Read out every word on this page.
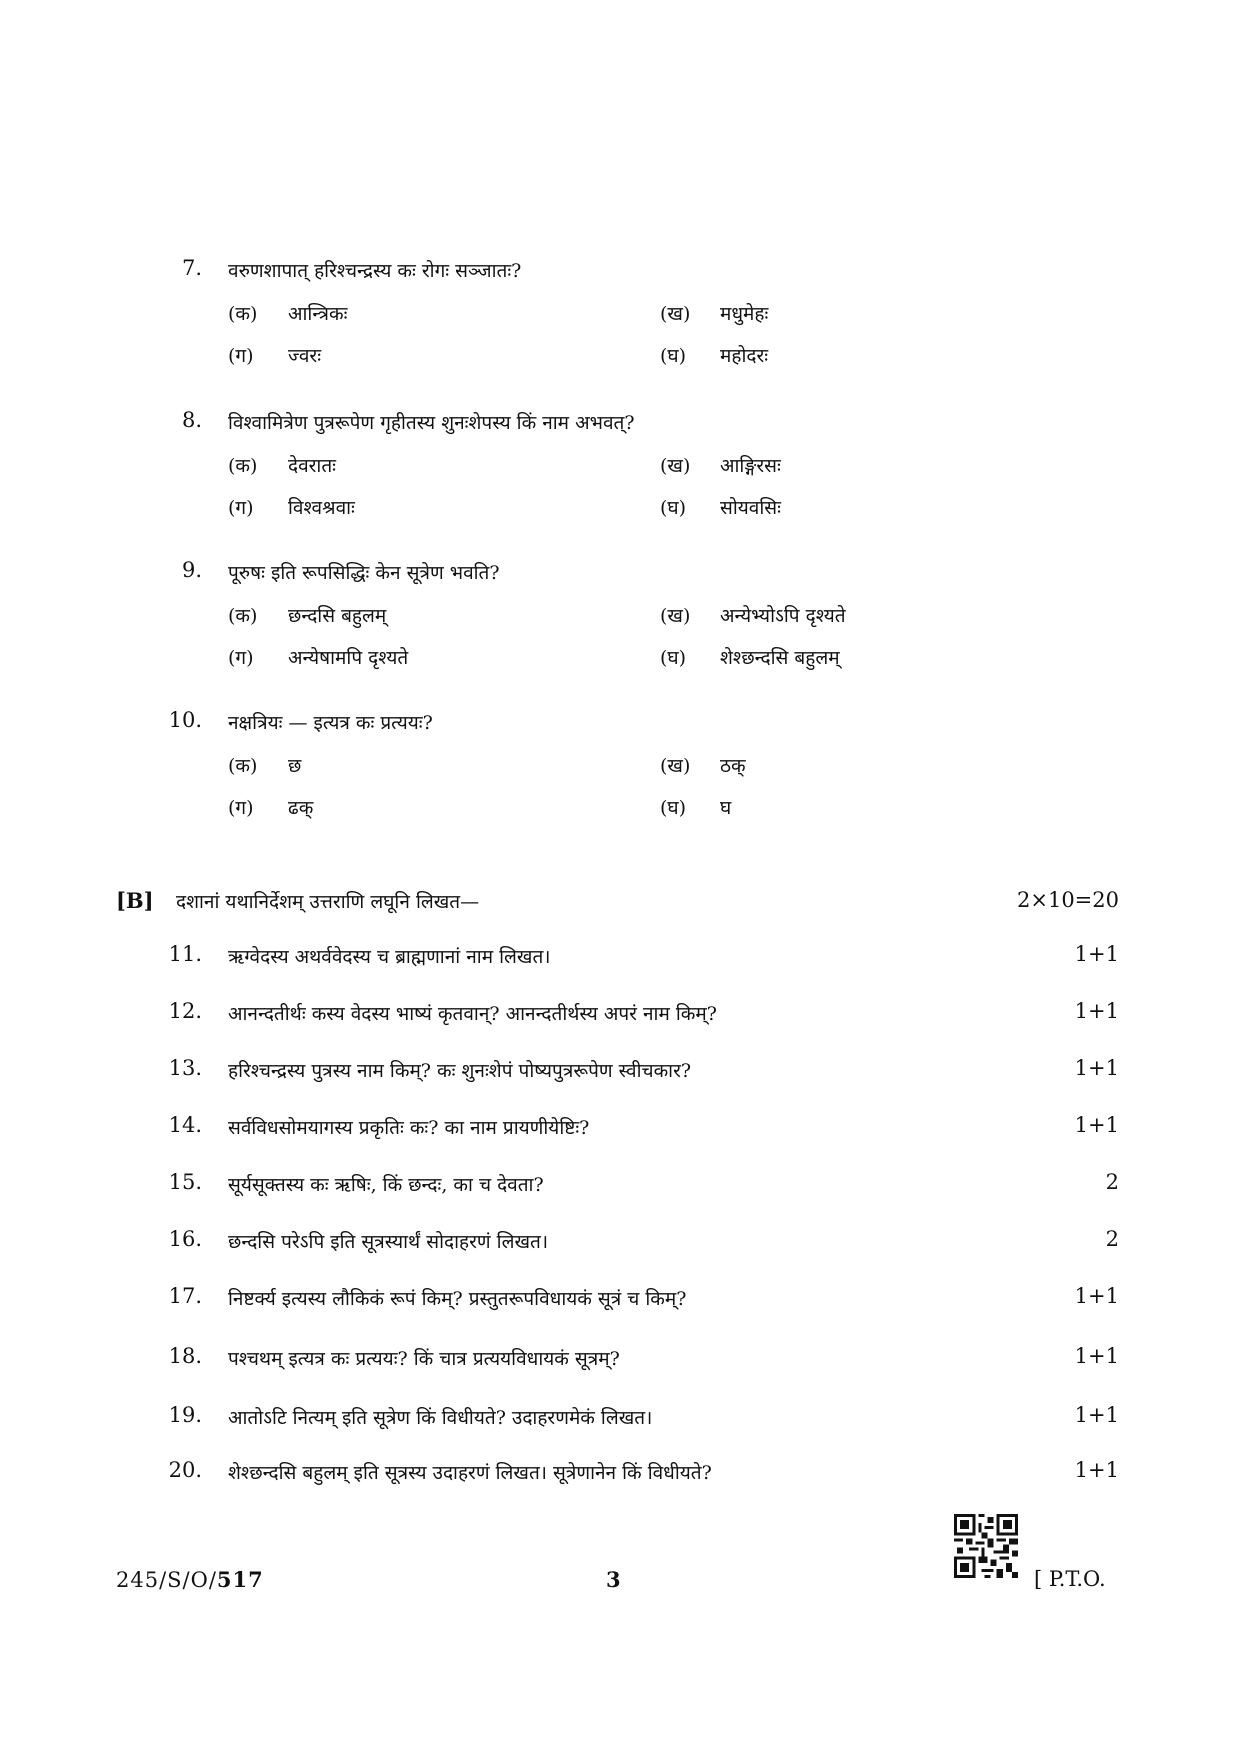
7. वरुणशापात् हरिश्चन्द्रस्य कः रोगः सञ्जातः?
(क) आन्त्रिकः	(ख) मधुमेहः
(ग) ज्वरः	(घ) महोदरः
8. विश्वामित्रेण पुत्ररूपेण गृहीतस्य शुनःशेपस्य किं नाम अभवत्?
(क) देवरातः	(ख) आङ्गिरसः
(ग) विश्वश्रवाः	(घ) सोयवसिः
9. पूरुषः इति रूपसिद्धिः केन सूत्रेण भवति?
(क) छन्दसि बहुलम्	(ख) अन्येभ्योऽपि दृश्यते
(ग) अन्येषामपि दृश्यते	(घ) शेश्छन्दसि बहुलम्
10. नक्षत्रियः — इत्यत्र कः प्रत्ययः?
(क) छ	(ख) ठक्
(ग) ढक्	(घ) घ
[B] दशानां यथानिर्देशम् उत्तराणि लघूनि लिखत—	2×10=20
11. ऋग्वेदस्य अथर्ववेदस्य च ब्राह्मणानां नाम लिखत।	1+1
12. आनन्दतीर्थः कस्य वेदस्य भाष्यं कृतवान्? आनन्दतीर्थस्य अपरं नाम किम्?	1+1
13. हरिश्चन्द्रस्य पुत्रस्य नाम किम्? कः शुनःशेपं पोष्यपुत्ररूपेण स्वीचकार?	1+1
14. सर्वविधसोमयागस्य प्रकृतिः कः? का नाम प्रायणीयेष्टिः?	1+1
15. सूर्यसूक्तस्य कः ऋषिः, किं छन्दः, का च देवता?	2
16. छन्दसि परेऽपि इति सूत्रस्यार्थं सोदाहरणं लिखत।	2
17. निष्टर्क्य इत्यस्य लौकिकं रूपं किम्? प्रस्तुतरूपविधायकं सूत्रं च किम्?	1+1
18. पश्चथम् इत्यत्र कः प्रत्ययः? किं चात्र प्रत्ययविधायकं सूत्रम्?	1+1
19. आतोऽटि नित्यम् इति सूत्रेण किं विधीयते? उदाहरणमेकं लिखत।	1+1
20. शेश्छन्दसि बहुलम् इति सूत्रस्य उदाहरणं लिखत। सूत्रेणानेन किं विधीयते?	1+1
245/S/O/517	3	[ P.T.O.
